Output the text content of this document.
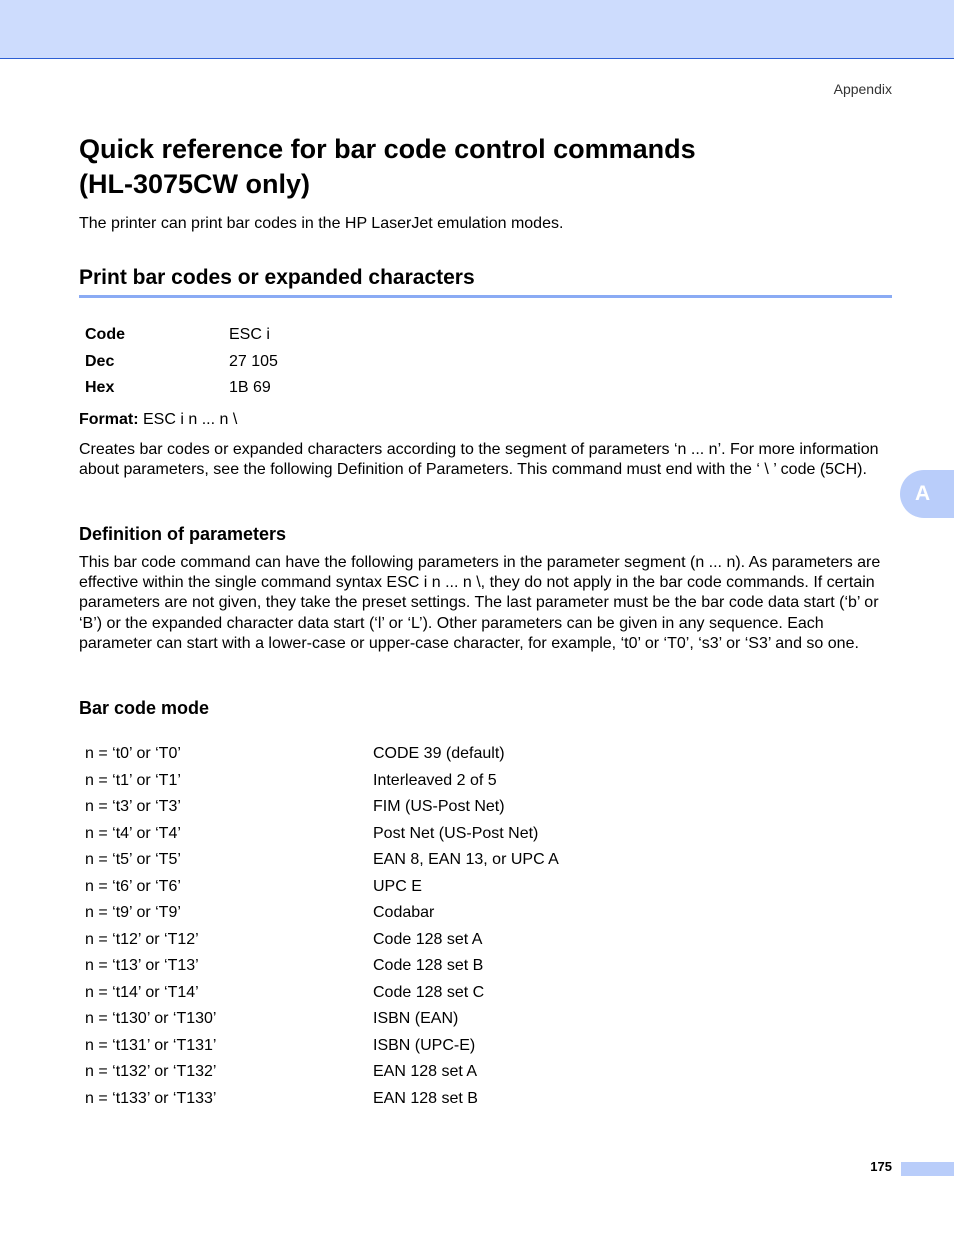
Appendix
Quick reference for bar code control commands
(HL-3075CW only)

The printer can print bar codes in the HP LaserJet emulation modes.

Print bar codes or expanded characters
Code	ESC i
Dec	27 105
Hex	1B 69

Format: ESC i n ... n \

Creates bar codes or expanded characters according to the segment of parameters ‘n ... n’. For more information about parameters, see the following Definition of Parameters. This command must end with the ‘ \ ’ code (5CH).

Definition of parameters

This bar code command can have the following parameters in the parameter segment (n ... n). As parameters are effective within the single command syntax ESC i n ... n \, they do not apply in the bar code commands. If certain parameters are not given, they take the preset settings. The last parameter must be the bar code data start (‘b’ or ‘B’) or the expanded character data start (‘l’ or ‘L’). Other parameters can be given in any sequence. Each parameter can start with a lower-case or upper-case character, for example, ‘t0’ or ‘T0’, ‘s3’ or ‘S3’ and so one.

Bar code mode
n = ‘t0’ or ‘T0’	CODE 39 (default)
n = ‘t1’ or ‘T1’	Interleaved 2 of 5
n = ‘t3’ or ‘T3’	FIM (US-Post Net)
n = ‘t4’ or ‘T4’	Post Net (US-Post Net)
n = ‘t5’ or ‘T5’	EAN 8, EAN 13, or UPC A
n = ‘t6’ or ‘T6’	UPC E
n = ‘t9’ or ‘T9’	Codabar
n = ‘t12’ or ‘T12’	Code 128 set A
n = ‘t13’ or ‘T13’	Code 128 set B
n = ‘t14’ or ‘T14’	Code 128 set C
n = ‘t130’ or ‘T130’	ISBN (EAN)
n = ‘t131’ or ‘T131’	ISBN (UPC-E)
n = ‘t132’ or ‘T132’	EAN 128 set A
n = ‘t133’ or ‘T133’	EAN 128 set B
A
175
